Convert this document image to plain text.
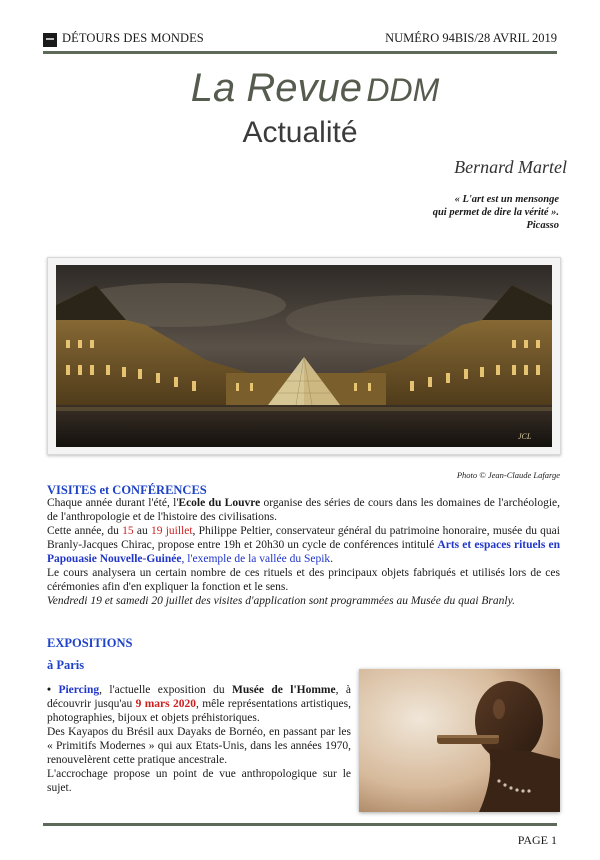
DÉTOURS DES MONDES	NUMÉRO 94BIS/28 AVRIL 2019
La Revue DDM
Actualité
Bernard Martel
« L'art est un mensonge
qui permet de dire la vérité ».
Picasso
JCL
Photo © Jean-Claude Lafarge
VISITES et CONFÉRENCES
Chaque année durant l'été, l'Ecole du Louvre organise des séries de cours dans les domaines de l'archéologie, de l'anthropologie et de l'histoire des civilisations.
Cette année, du 15 au 19 juillet, Philippe Peltier, conservateur général du patrimoine honoraire, musée du quai Branly-Jacques Chirac, propose entre 19h et 20h30 un cycle de conférences intitulé Arts et espaces rituels en Papouasie Nouvelle-Guinée, l'exemple de la vallée du Sepik.
Le cours analysera un certain nombre de ces rituels et des principaux objets fabriqués et utilisés lors de ces cérémonies afin d'en expliquer la fonction et le sens.
Vendredi 19 et samedi 20 juillet des visites d'application sont programmées au Musée du quai Branly.
EXPOSITIONS
à Paris
• Piercing, l'actuelle exposition du Musée de l'Homme, à découvrir jusqu'au 9 mars 2020, mêle représentations artistiques, photographies, bijoux et objets préhistoriques.
Des Kayapos du Brésil aux Dayaks de Bornéo, en passant par les « Primitifs Modernes » qui aux Etats-Unis, dans les années 1970, renouvelèrent cette pratique ancestrale.
L'accrochage propose un point de vue anthropologique sur le sujet.
PAGE 1
